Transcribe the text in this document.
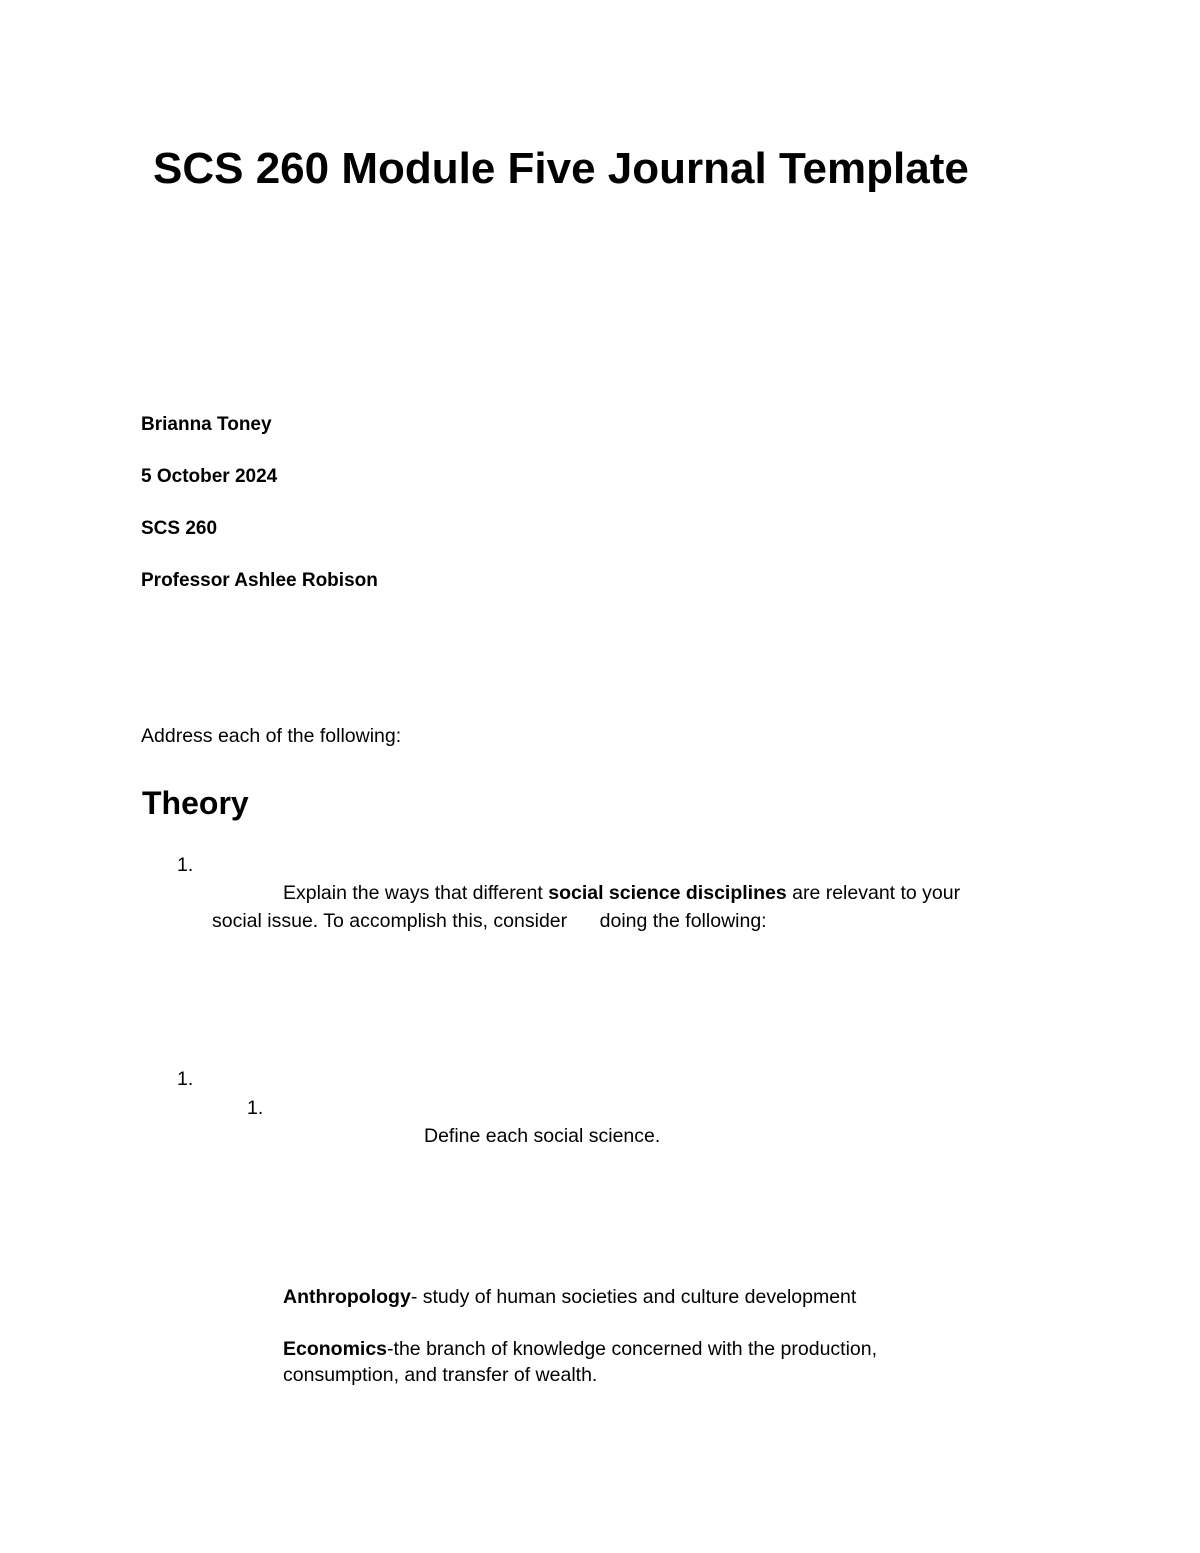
SCS 260 Module Five Journal Template
Brianna Toney
5 October 2024
SCS 260
Professor Ashlee Robison
Address each of the following:
Theory
1.
Explain the ways that different social science disciplines are relevant to your
social issue. To accomplish this, consider      doing the following:
1.
1.
Define each social science.
Anthropology- study of human societies and culture development
Economics-the branch of knowledge concerned with the production,
consumption, and transfer of wealth.
